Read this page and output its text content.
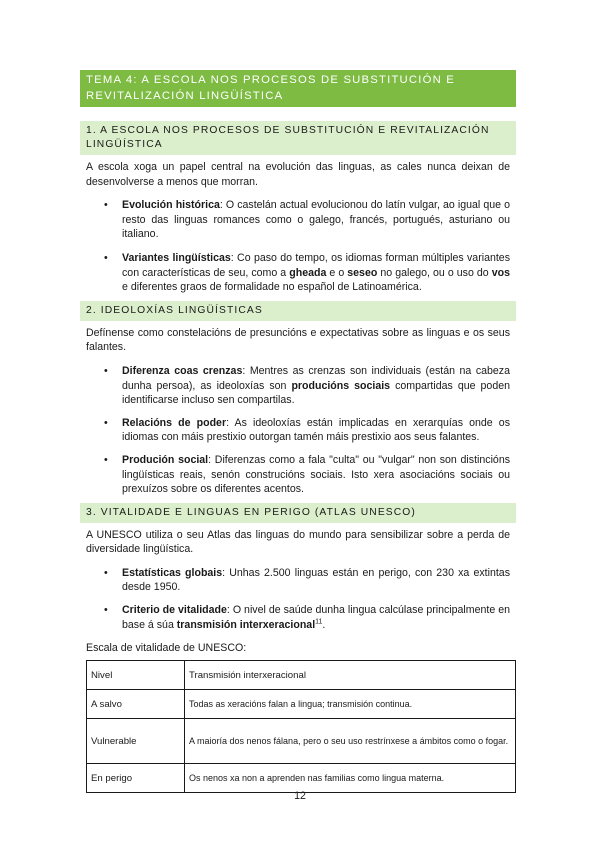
TEMA 4: A ESCOLA NOS PROCESOS DE SUBSTITUCIÓN E
REVITALIZACIÓN LINGÜÍSTICA
1. A ESCOLA NOS PROCESOS DE SUBSTITUCIÓN E REVITALIZACIÓN
LINGÜÍSTICA

A escola xoga un papel central na evolución das linguas, as cales nunca deixan de desenvolverse a menos que morran.

• Evolución histórica: O castelán actual evolucionou do latín vulgar, ao igual que o resto das linguas romances como o galego, francés, portugués, asturiano ou italiano.
• Variantes lingüísticas: Co paso do tempo, os idiomas forman múltiples variantes con características de seu, como a gheada e o seseo no galego, ou o uso do vos e diferentes graos de formalidade no español de Latinoamérica.
2. IDEOLOXÍAS LINGÜÍSTICAS

Defínense como constelacións de presuncións e expectativas sobre as linguas e os seus falantes.

• Diferenza coas crenzas: Mentres as crenzas son individuais (están na cabeza dunha persoa), as ideoloxías son producións sociais compartidas que poden identificarse incluso sen compartilas.
• Relacións de poder: As ideoloxías están implicadas en xerarquías onde os idiomas con máis prestixio outorgan tamén máis prestixio aos seus falantes.
• Produción social: Diferenzas como a fala "culta" ou "vulgar" non son distincións lingüísticas reais, senón construcións sociais. Isto xera asociacións sociais ou prexuízos sobre os diferentes acentos.
3. VITALIDADE E LINGUAS EN PERIGO (ATLAS UNESCO)

A UNESCO utiliza o seu Atlas das linguas do mundo para sensibilizar sobre a perda de diversidade lingüística.

• Estatísticas globais: Unhas 2.500 linguas están en perigo, con 230 xa extintas desde 1950.
• Criterio de vitalidade: O nivel de saúde dunha lingua calcúlase principalmente en base á súa transmisión interxeracional$^{11}$.
Escala de vitalidade de UNESCO:
Nivel	Transmisión interxeracional
A salvo	Todas as xeracións falan a lingua; transmisión continua.
Vulnerable	A maioría dos nenos fálana, pero o seu uso restrínxese a ámbitos como o fogar.
En perigo	Os nenos xa non a aprenden nas familias como lingua materna.
12
